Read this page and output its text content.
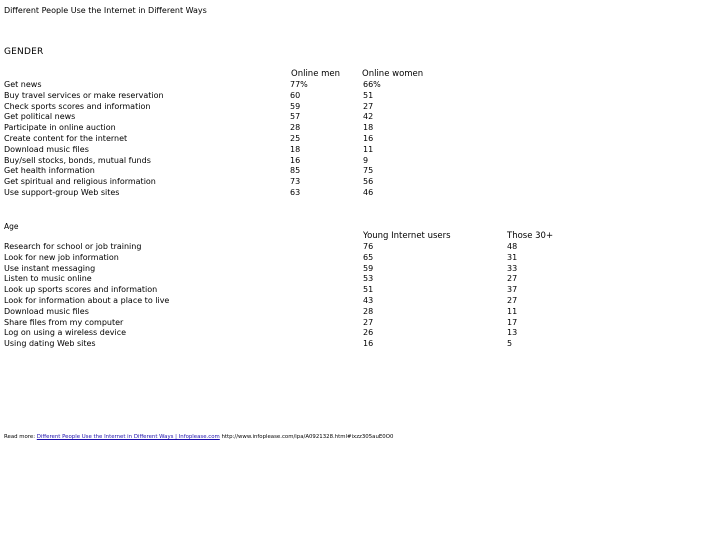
Different People Use the Internet in Different Ways
GENDER
Online men	Online women
Get news
Buy travel services or make reservation
Check sports scores and information
Get political news
Participate in online auction
Create content for the internet
Download music files
Buy/sell stocks, bonds, mutual funds
Get health information
Get spiritual and religious information
Use support-group Web sites
77%
60
59
57
28
25
18
16
85
73
63
66%
51
27
42
18
16
11
9
75
56
46
Age
Young Internet users	Those 30+
Research for school or job training
Look for new job information
Use instant messaging
Listen to music online
Look up sports scores and information
Look for information about a place to live
Download music files
Share files from my computer
Log on using a wireless device
Using dating Web sites
76
65
59
53
51
43
28
27
26
16
48
31
33
27
37
27
11
17
13
5
Read more: Different People Use the Internet in Different Ways | Infoplease.com http://www.infoplease.com/ipa/A0921328.html#ixzz305auE0O0
